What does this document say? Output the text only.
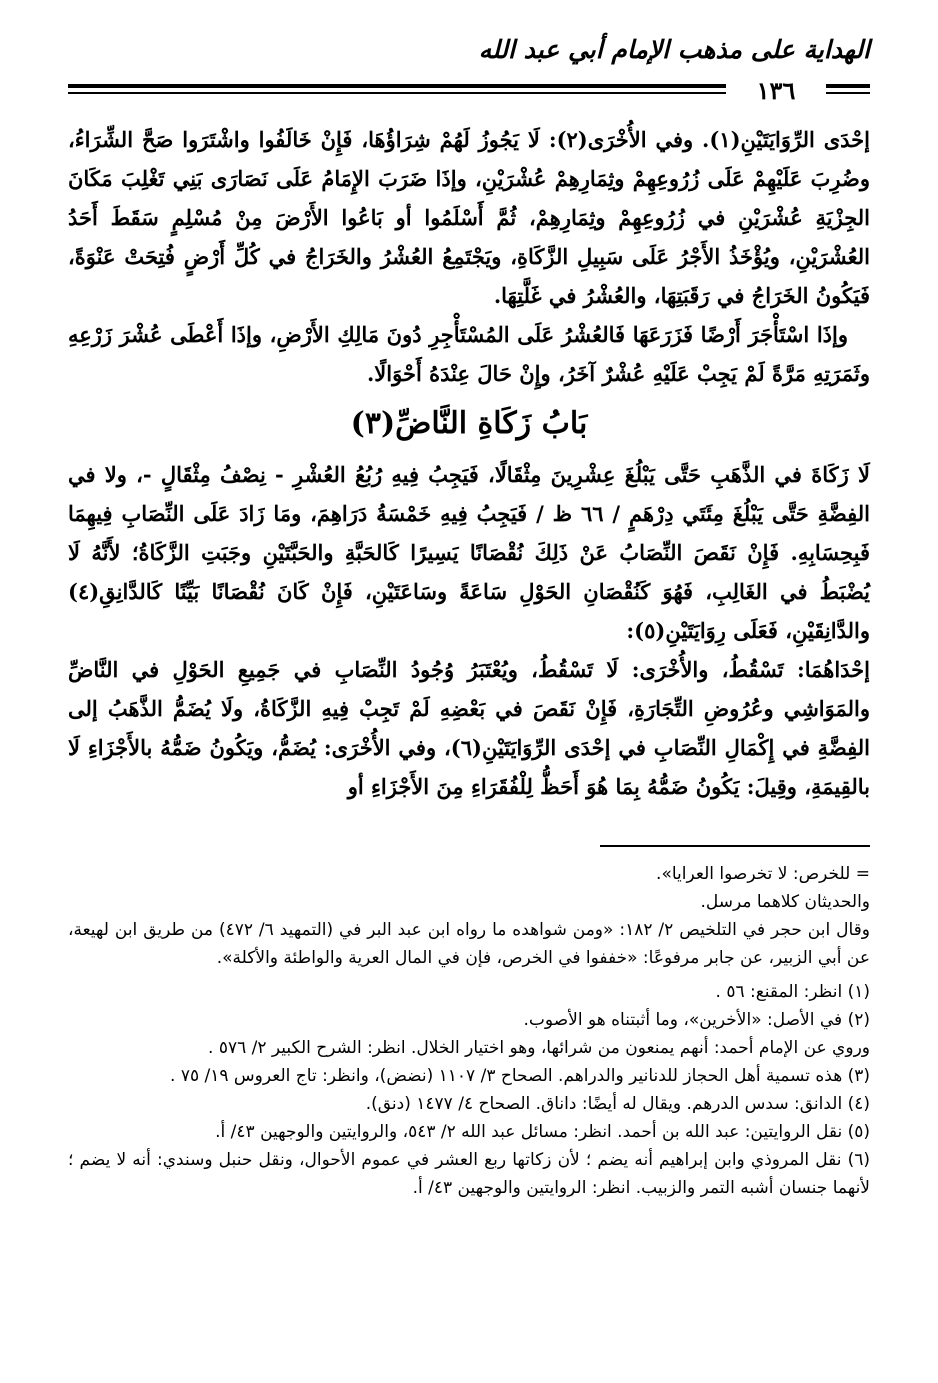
الهداية على مذهب الإمام أبي عبد الله
١٣٦

إحْدَى الرِّوَايَتَيْنِ(١). وفي الأُخْرَى(٢): لَا يَجُوزُ لَهُمْ شِرَاؤُهَا، فَإِنْ خَالَفُوا واشْتَرَوا صَحَّ الشِّرَاءُ، وضُرِبَ عَلَيْهِمْ عَلَى زُرُوعِهِمْ وثِمَارِهِمْ عُشْرَيْنِ، وإذَا ضَرَبَ الإِمَامُ عَلَى نَصَارَى بَنِي تَغْلِبَ مَكَانَ الجِزْيَةِ عُشْرَيْنِ في زُرُوعِهِمْ وثِمَارِهِمْ، ثُمَّ أَسْلَمُوا أو بَاعُوا الأَرْضَ مِنْ مُسْلِمٍ سَقَطَ أَحَدُ العُشْرَيْنِ، ويُؤْخَذُ الأَجْرُ عَلَى سَبِيلِ الزَّكَاةِ، ويَجْتَمِعُ العُشْرُ والخَرَاجُ في كُلِّ أَرْضٍ فُتِحَتْ عَنْوَةً، فَيَكُونُ الخَرَاجُ في رَقَبَتِهَا، والعُشْرُ في غَلَّتِهَا.

وإذَا اسْتَأْجَرَ أَرْضًا فَزَرَعَهَا فَالعُشْرُ عَلَى المُسْتَأْجِرِ دُونَ مَالِكِ الأَرْضِ، وإذَا أَعْطَى عُشْرَ زَرْعِهِ وثَمَرَتِهِ مَرَّةً لَمْ يَجِبْ عَلَيْهِ عُشْرٌ آخَرُ، وإِنْ حَالَ عِنْدَهُ أَحْوَالًا.

بَابُ زَكَاةِ النَّاضِّ(٣)

لَا زَكَاةَ في الذَّهَبِ حَتَّى يَبْلُغَ عِشْرِينَ مِثْقَالًا، فَيَجِبُ فِيهِ رُبُعُ العُشْرِ - نِصْفُ مِثْقَالٍ -، ولا في الفِضَّةِ حَتَّى يَبْلُغَ مِئَتَي دِرْهَمٍ / ٦٦ ظ / فَيَجِبُ فِيهِ خَمْسَةُ دَرَاهِمَ، ومَا زَادَ عَلَى النِّصَابِ فِيهِمَا فَبِحِسَابِهِ. فَإِنْ نَقَصَ النِّصَابُ عَنْ ذَلِكَ نُقْصَانًا يَسِيرًا كَالحَبَّةِ والحَبَّتَيْنِ وجَبَتِ الزَّكَاةُ؛ لأَنَّهُ لَا يُضْبَطُ في الغَالِبِ، فَهُوَ كَنُقْصَانِ الحَوْلِ سَاعَةً وسَاعَتَيْنِ، فَإِنْ كَانَ نُقْصَانًا بَيِّنًا كَالدَّانِقِ(٤) والدَّانِقَيْنِ، فَعَلَى رِوَايَتَيْنِ(٥):

إحْدَاهُمَا: تَسْقُطُ، والأُخْرَى: لَا تَسْقُطُ، ويُعْتَبَرُ وُجُودُ النِّصَابِ في جَمِيعِ الحَوْلِ في النَّاضِّ والمَوَاشِي وعُرُوضِ التِّجَارَةِ، فَإِنْ نَقَصَ في بَعْضِهِ لَمْ تَجِبْ فِيهِ الزَّكَاةُ، ولَا يُضَمُّ الذَّهَبُ إلى الفِضَّةِ في إِكْمَالِ النِّصَابِ في إحْدَى الرِّوَايَتَيْنِ(٦)، وفي الأُخْرَى: يُضَمُّ، ويَكُونُ ضَمُّهُ بالأَجْزَاءِ لَا بالقِيمَةِ، وقِيلَ: يَكُونُ ضَمُّهُ بِمَا هُوَ أَحَظُّ لِلْفُقَرَاءِ مِنَ الأَجْزَاءِ أو

= للخرص: لا تخرصوا العرايا».

والحديثان كلاهما مرسل.

وقال ابن حجر في التلخيص ٢/ ١٨٢: «ومن شواهده ما رواه ابن عبد البر في (التمهيد ٦/ ٤٧٢) من طريق ابن لهيعة، عن أبي الزبير، عن جابر مرفوعًا: «خففوا في الخرص، فإن في المال العرية والواطئة والأكلة».

(١) انظر: المقنع: ٥٦ .

(٢) في الأصل: «الأخرين»، وما أثبتناه هو الأصوب.

وروي عن الإمام أحمد: أنهم يمنعون من شرائها، وهو اختيار الخلال. انظر: الشرح الكبير ٢/ ٥٧٦ .

(٣) هذه تسمية أهل الحجاز للدنانير والدراهم. الصحاح ٣/ ١١٠٧ (نضض)، وانظر: تاج العروس ١٩/ ٧٥ .

(٤) الدانق: سدس الدرهم. ويقال له أيضًا: داناق. الصحاح ٤/ ١٤٧٧ (دنق).

(٥) نقل الروايتين: عبد الله بن أحمد. انظر: مسائل عبد الله ٢/ ٥٤٣، والروايتين والوجهين ٤٣/ أ.

(٦) نقل المروذي وابن إبراهيم أنه يضم ؛ لأن زكاتها ربع العشر في عموم الأحوال، ونقل حنبل وسندي: أنه لا يضم ؛ لأنهما جنسان أشبه التمر والزبيب. انظر: الروايتين والوجهين ٤٣/ أ.
